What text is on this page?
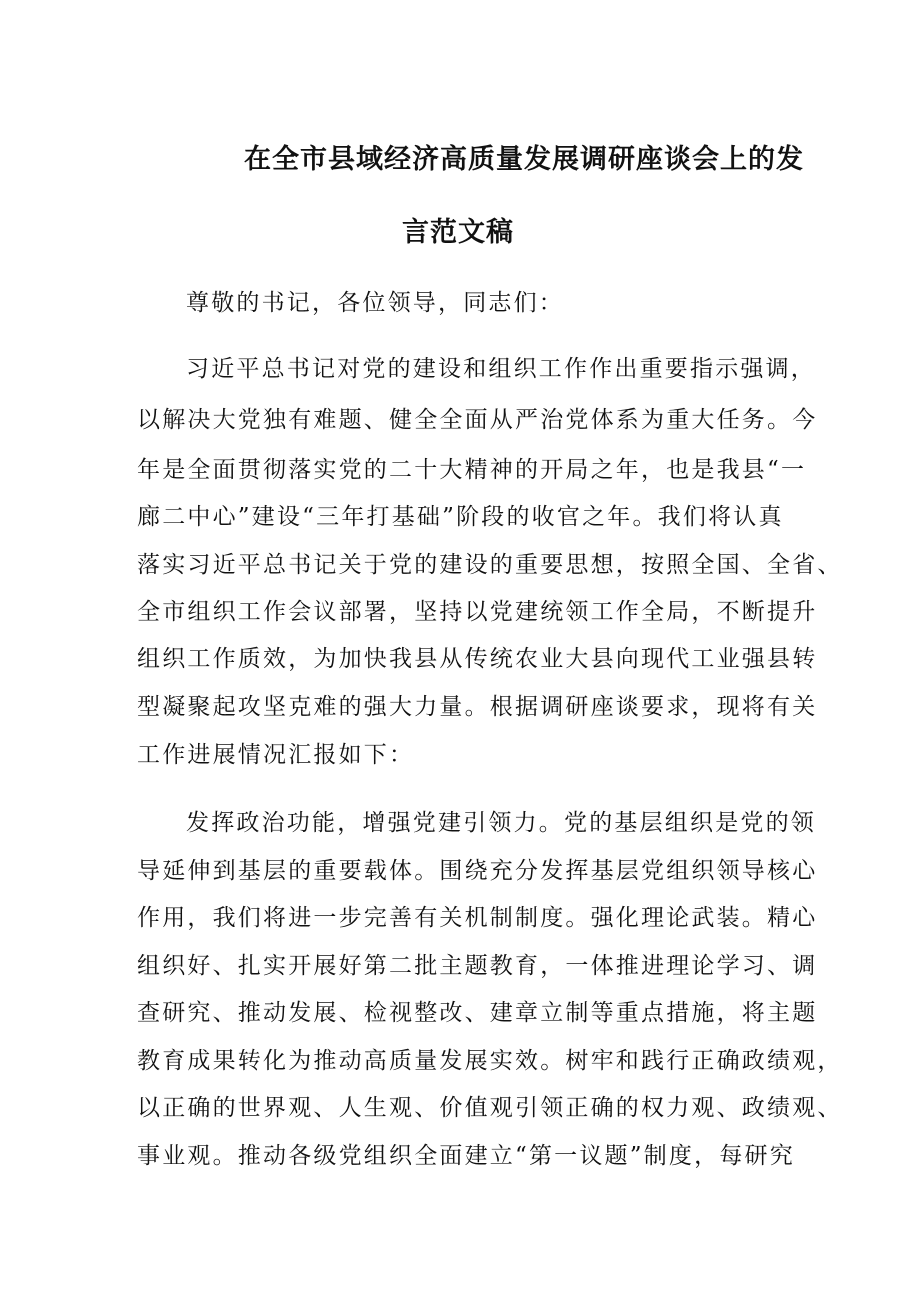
在全市县域经济高质量发展调研座谈会上的发
言范文稿
尊敬的书记，各位领导，同志们：
习近平总书记对党的建设和组织工作作出重要指示强调，
以解决大党独有难题、健全全面从严治党体系为重大任务。今
年是全面贯彻落实党的二十大精神的开局之年，也是我县“一
廊二中心”建设“三年打基础”阶段的收官之年。我们将认真
落实习近平总书记关于党的建设的重要思想，按照全国、全省、
全市组织工作会议部署，坚持以党建统领工作全局，不断提升
组织工作质效，为加快我县从传统农业大县向现代工业强县转
型凝聚起攻坚克难的强大力量。根据调研座谈要求，现将有关
工作进展情况汇报如下：
发挥政治功能，增强党建引领力。党的基层组织是党的领
导延伸到基层的重要载体。围绕充分发挥基层党组织领导核心
作用，我们将进一步完善有关机制制度。强化理论武装。精心
组织好、扎实开展好第二批主题教育，一体推进理论学习、调
查研究、推动发展、检视整改、建章立制等重点措施，将主题
教育成果转化为推动高质量发展实效。树牢和践行正确政绩观，
以正确的世界观、人生观、价值观引领正确的权力观、政绩观、
事业观。推动各级党组织全面建立“第一议题”制度，每研究
